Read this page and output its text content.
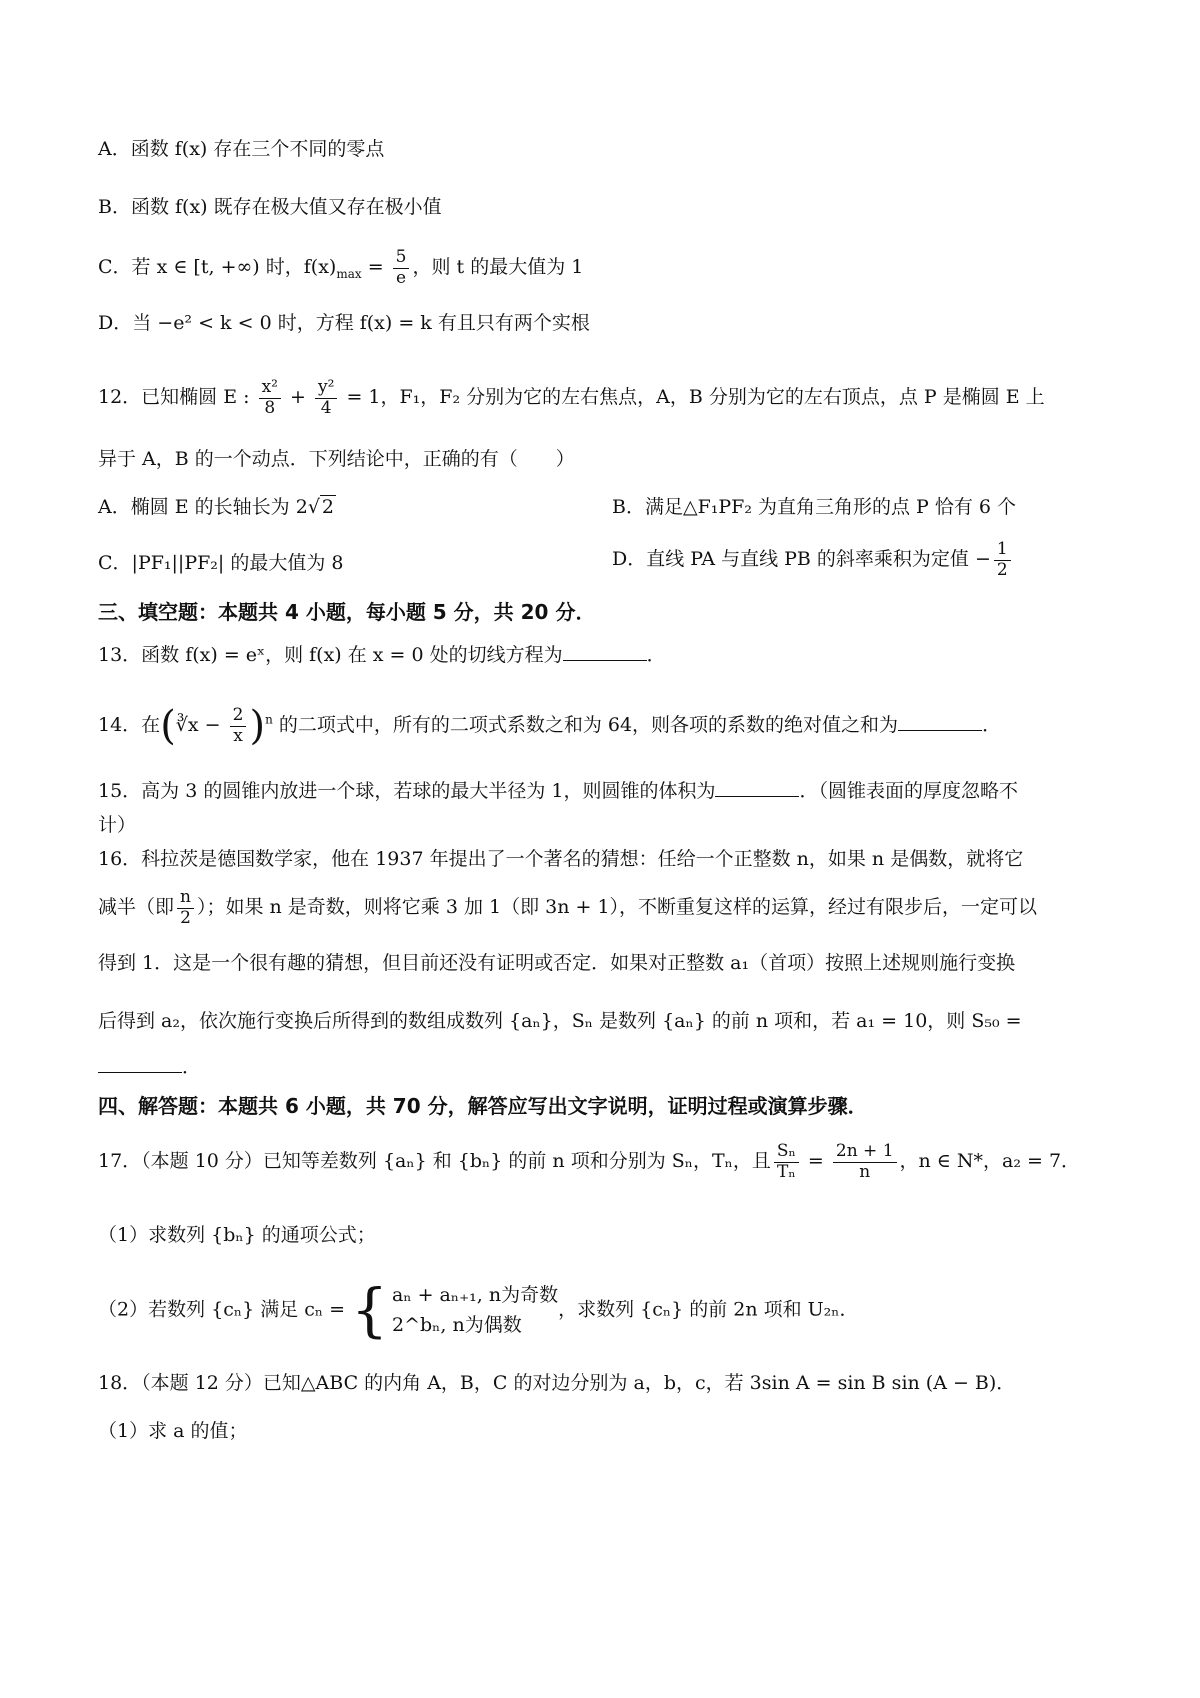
A．函数 f(x) 存在三个不同的零点
B．函数 f(x) 既存在极大值又存在极小值
C．若 x ∈ [t, +∞) 时，$f(x)_{max} = \frac{5}{e}$ ，则 t 的最大值为 1
D．当 −e² < k < 0 时，方程 f(x) = k 有且只有两个实根
12．已知椭圆 E : $\frac{\text{x²}}{8} + \frac{\text{y²}}{4} = 1$，F₁，F₂ 分别为它的左右焦点，A，B 分别为它的左右顶点，点 P 是椭圆 E 上
异于 A，B 的一个动点．下列结论中，正确的有（　　）
A．椭圆 E 的长轴长为 2√ 2	B．满足△F₁PF₂ 为直角三角形的点 P 恰有 6 个
C．|PF₁||PF₂| 的最大值为 8	D．直线 PA 与直线 PB 的斜率乘积为定值 − $\frac{1}{2}$
三、填空题：本题共 4 小题，每小题 5 分，共 20 分．
13．函数 f(x) = eˣ，则 f(x) 在 x = 0 处的切线方程为	．
14．在(∛x − $\frac{2}{x} )^n$ 的二项式中，所有的二项式系数之和为 64，则各项的系数的绝对值之和为	．
15．高为 3 的圆锥内放进一个球，若球的最大半径为 1，则圆锥的体积为	．（圆锥表面的厚度忽略不
计）
16．科拉茨是德国数学家，他在 1937 年提出了一个著名的猜想：任给一个正整数 n，如果 n 是偶数，就将它
减半（即 $\frac{n}{2}$ ）；如果 n 是奇数，则将它乘 3 加 1（即 3n + 1），不断重复这样的运算，经过有限步后，一定可以
得到 1．这是一个很有趣的猜想，但目前还没有证明或否定．如果对正整数 a₁（首项）按照上述规则施行变换
后得到 a₂，依次施行变换后所得到的数组成数列 {aₙ}，Sₙ 是数列 {aₙ} 的前 n 项和，若 a₁ = 10，则 S₅₀ =
．
四、解答题：本题共 6 小题，共 70 分，解答应写出文字说明，证明过程或演算步骤．
17．（本题 10 分）已知等差数列 {aₙ} 和 {bₙ} 的前 n 项和分别为 Sₙ，Tₙ，且 $\frac{\text{Sₙ}}{\text{Tₙ}} = \frac{2n + 1}{n}$ ，n ∈ N*，a₂ = 7．
（1）求数列 {bₙ} 的通项公式；
（2）若数列 {cₙ} 满足 cₙ = { aₙ + aₙ₊₁, n为奇数
2^bₙ, n为偶数
，求数列 {cₙ} 的前 2n 项和 U₂ₙ．
18．（本题 12 分）已知△ABC 的内角 A，B，C 的对边分别为 a，b，c，若 3sin A = sin B sin (A − B)．
（1）求 a 的值；
